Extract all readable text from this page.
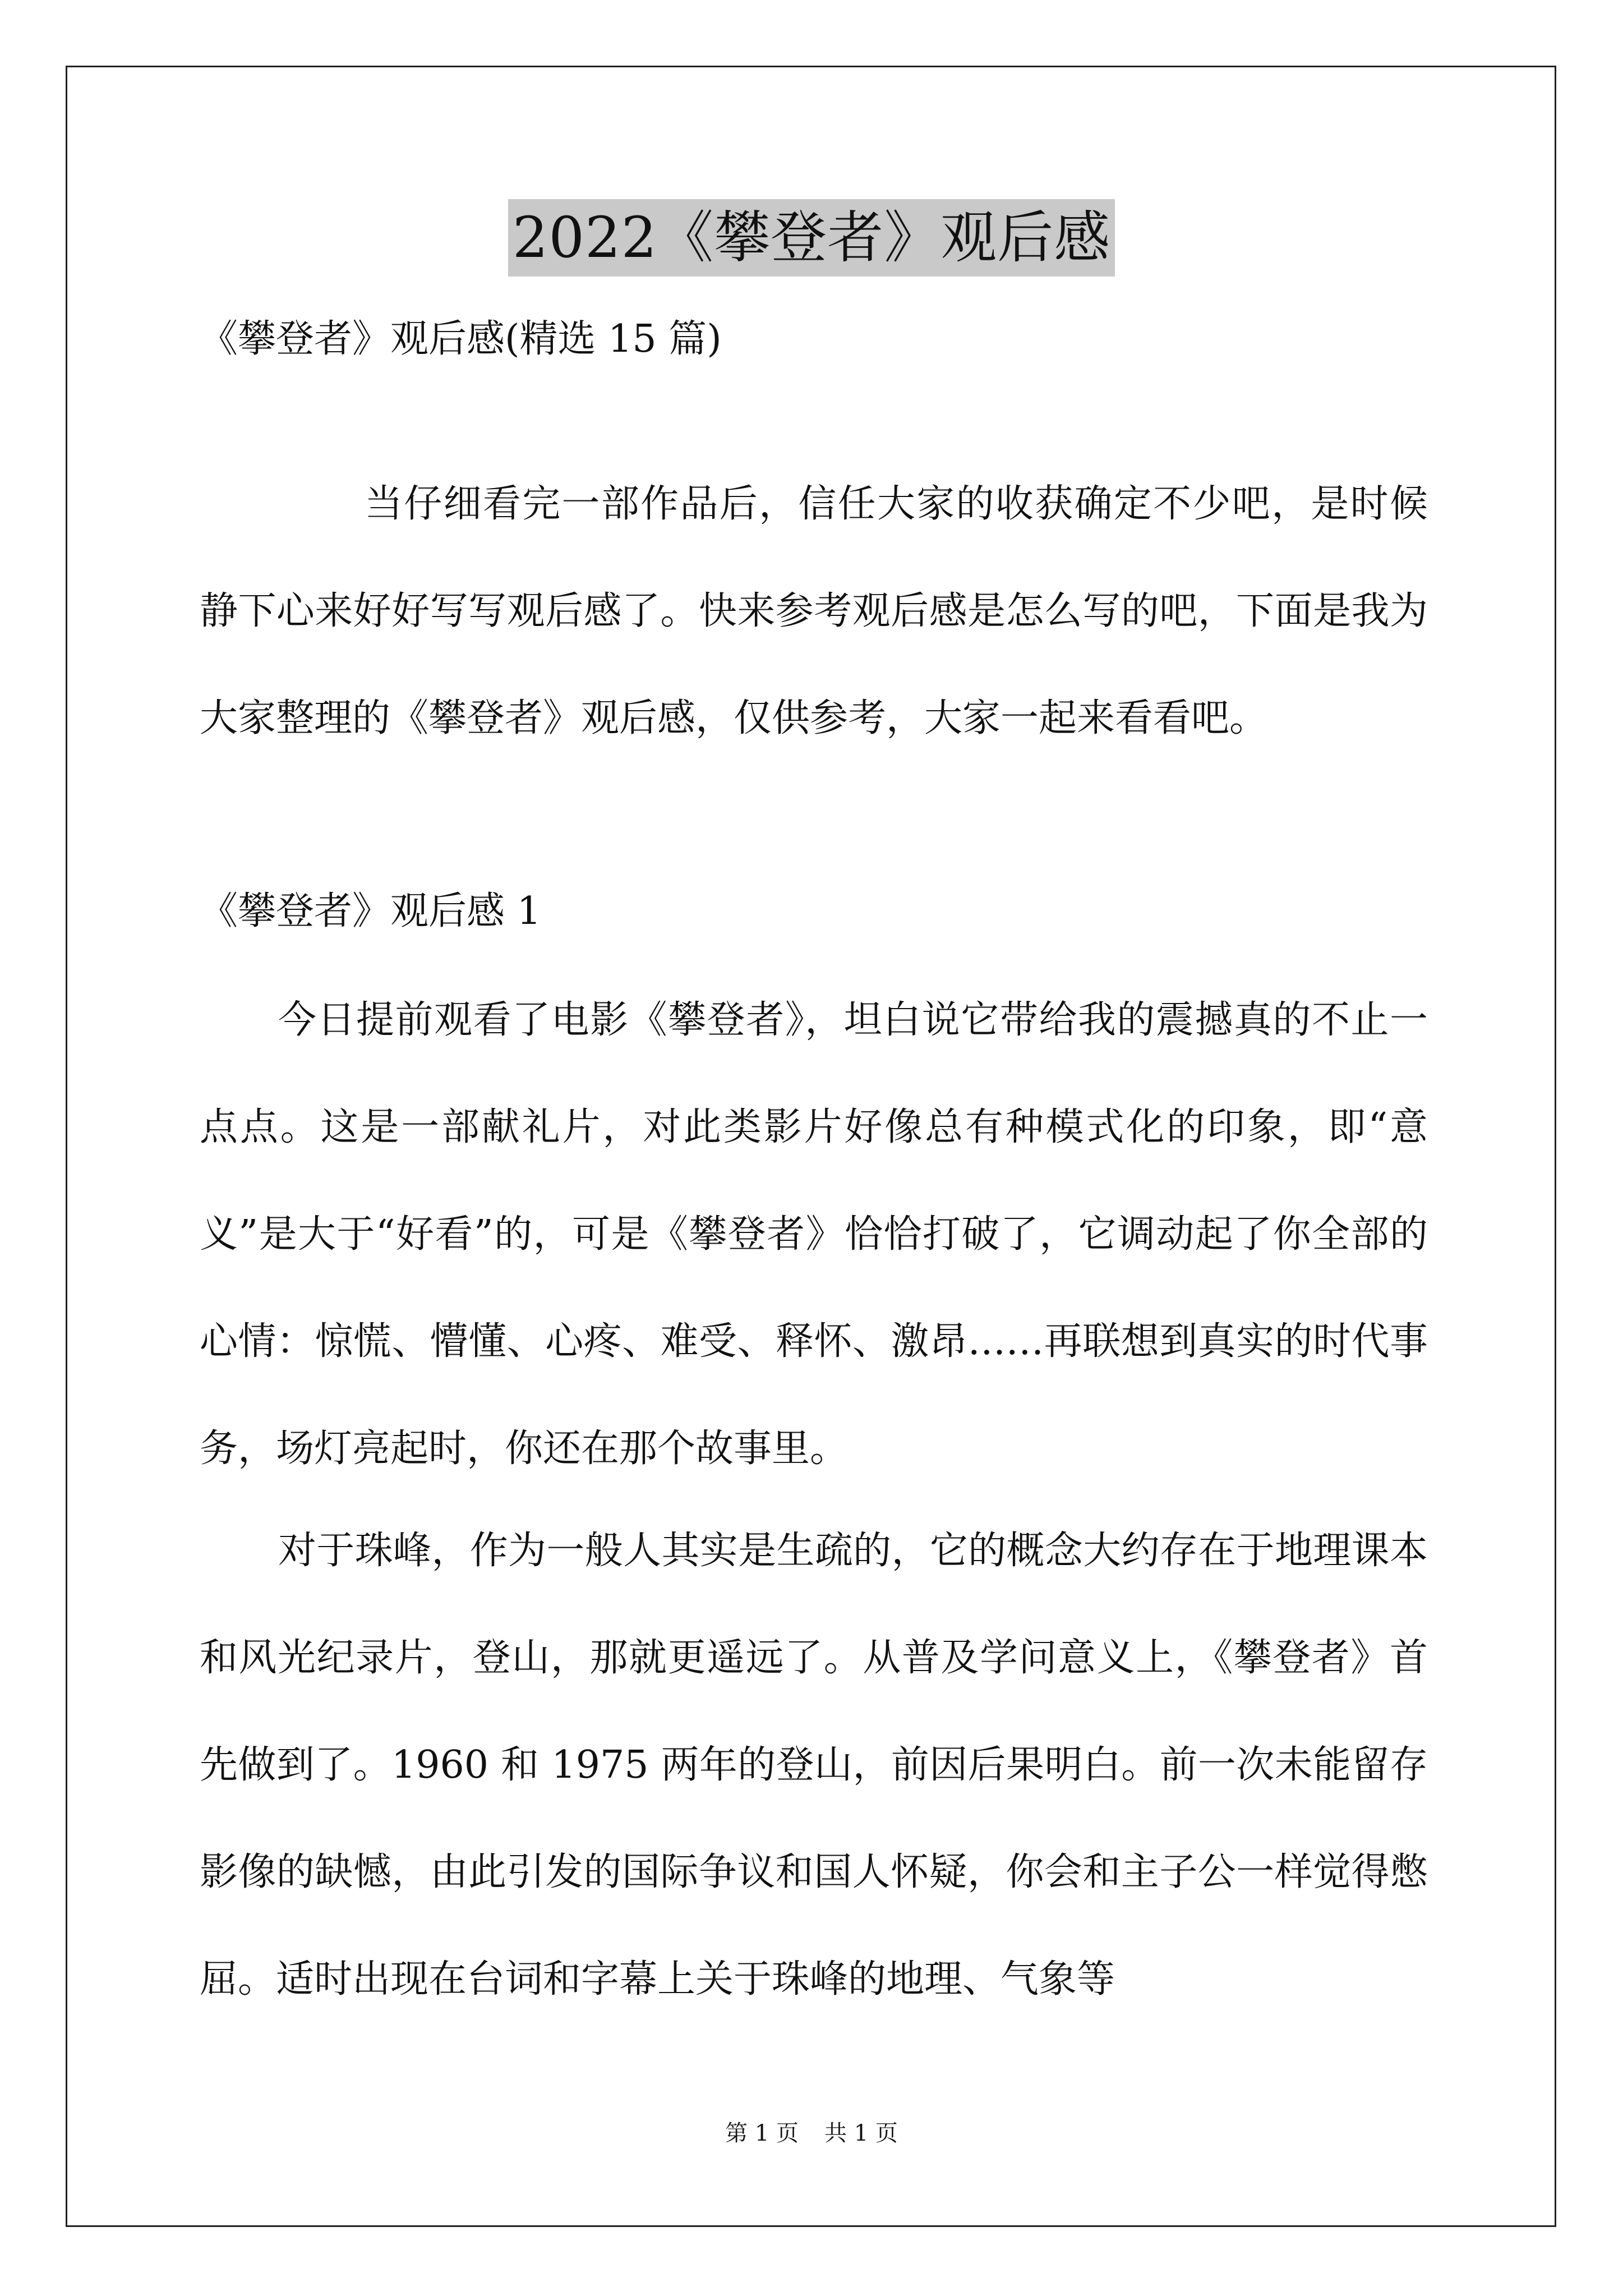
2022《攀登者》观后感
《攀登者》观后感(精选 15 篇)
当仔细看完一部作品后，信任大家的收获确定不少吧，是时候静下心来好好写写观后感了。快来参考观后感是怎么写的吧，下面是我为大家整理的《攀登者》观后感，仅供参考，大家一起来看看吧。
《攀登者》观后感 1
今日提前观看了电影《攀登者》，坦白说它带给我的震撼真的不止一点点。这是一部献礼片，对此类影片好像总有种模式化的印象，即“意义”是大于“好看”的，可是《攀登者》恰恰打破了，它调动起了你全部的心情：惊慌、懵懂、心疼、难受、释怀、激昂……再联想到真实的时代事务，场灯亮起时，你还在那个故事里。
对于珠峰，作为一般人其实是生疏的，它的概念大约存在于地理课本和风光纪录片，登山，那就更遥远了。从普及学问意义上，《攀登者》首先做到了。1960 和 1975 两年的登山，前因后果明白。前一次未能留存影像的缺憾，由此引发的国际争议和国人怀疑，你会和主子公一样觉得憋屈。适时出现在台词和字幕上关于珠峰的地理、气象等
第 1 页 共 1 页
